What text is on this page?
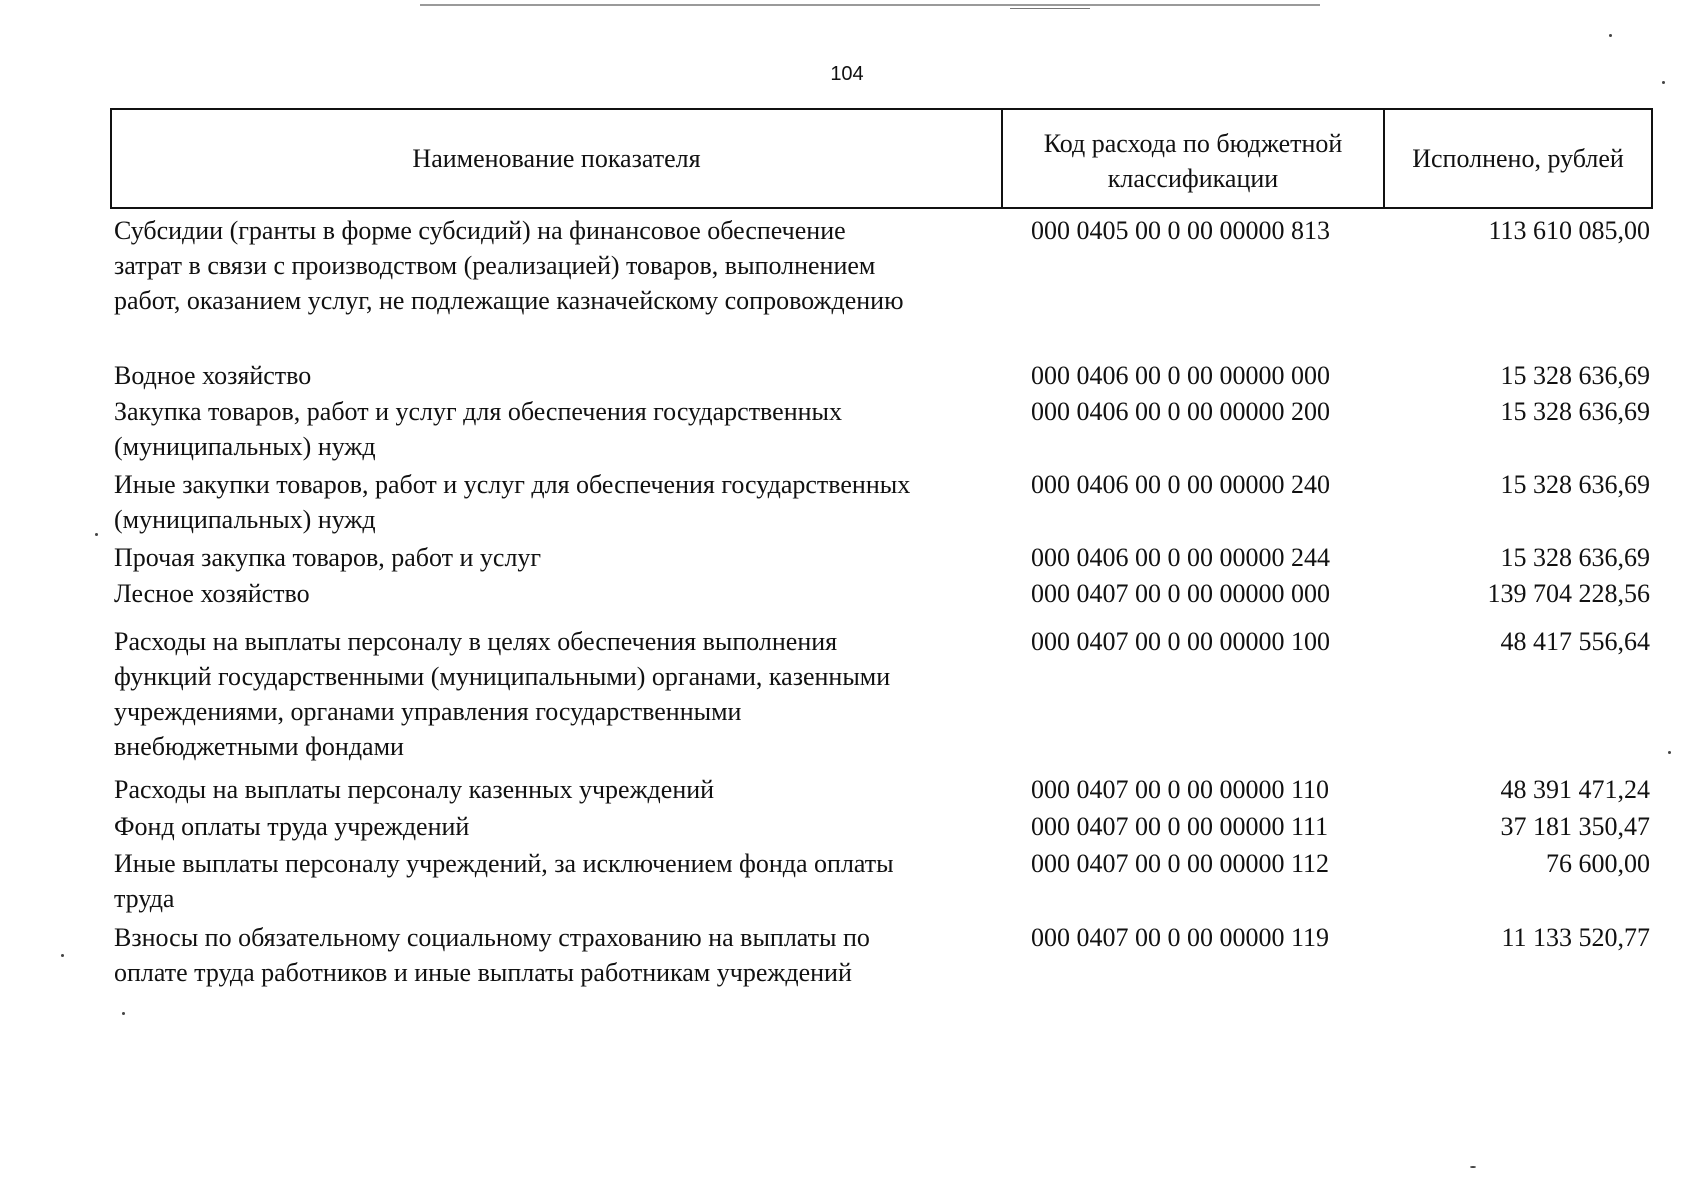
104
Наименование показателя
Код расхода по бюджетной классификации
Исполнено, рублей
Субсидии (гранты в форме субсидий) на финансовое обеспечение
затрат в связи с производством (реализацией) товаров, выполнением
работ, оказанием услуг, не подлежащие казначейскому сопровождению
000 0405 00 0 00 00000 813	113 610 085,00
Водное хозяйство	000 0406 00 0 00 00000 000	15 328 636,69
Закупка товаров, работ и услуг для обеспечения государственных
(муниципальных) нужд
000 0406 00 0 00 00000 200	15 328 636,69
Иные закупки товаров, работ и услуг для обеспечения государственных
(муниципальных) нужд
000 0406 00 0 00 00000 240	15 328 636,69
Прочая закупка товаров, работ и услуг	000 0406 00 0 00 00000 244	15 328 636,69
Лесное хозяйство	000 0407 00 0 00 00000 000	139 704 228,56
Расходы на выплаты персоналу в целях обеспечения выполнения
функций государственными (муниципальными) органами, казенными
учреждениями, органами управления государственными
внебюджетными фондами
000 0407 00 0 00 00000 100	48 417 556,64
Расходы на выплаты персоналу казенных учреждений	000 0407 00 0 00 00000 110	48 391 471,24
Фонд оплаты труда учреждений	000 0407 00 0 00 00000 111	37 181 350,47
Иные выплаты персоналу учреждений, за исключением фонда оплаты
труда
000 0407 00 0 00 00000 112	76 600,00
Взносы по обязательному социальному страхованию на выплаты по
оплате труда работников и иные выплаты работникам учреждений
000 0407 00 0 00 00000 119	11 133 520,77
